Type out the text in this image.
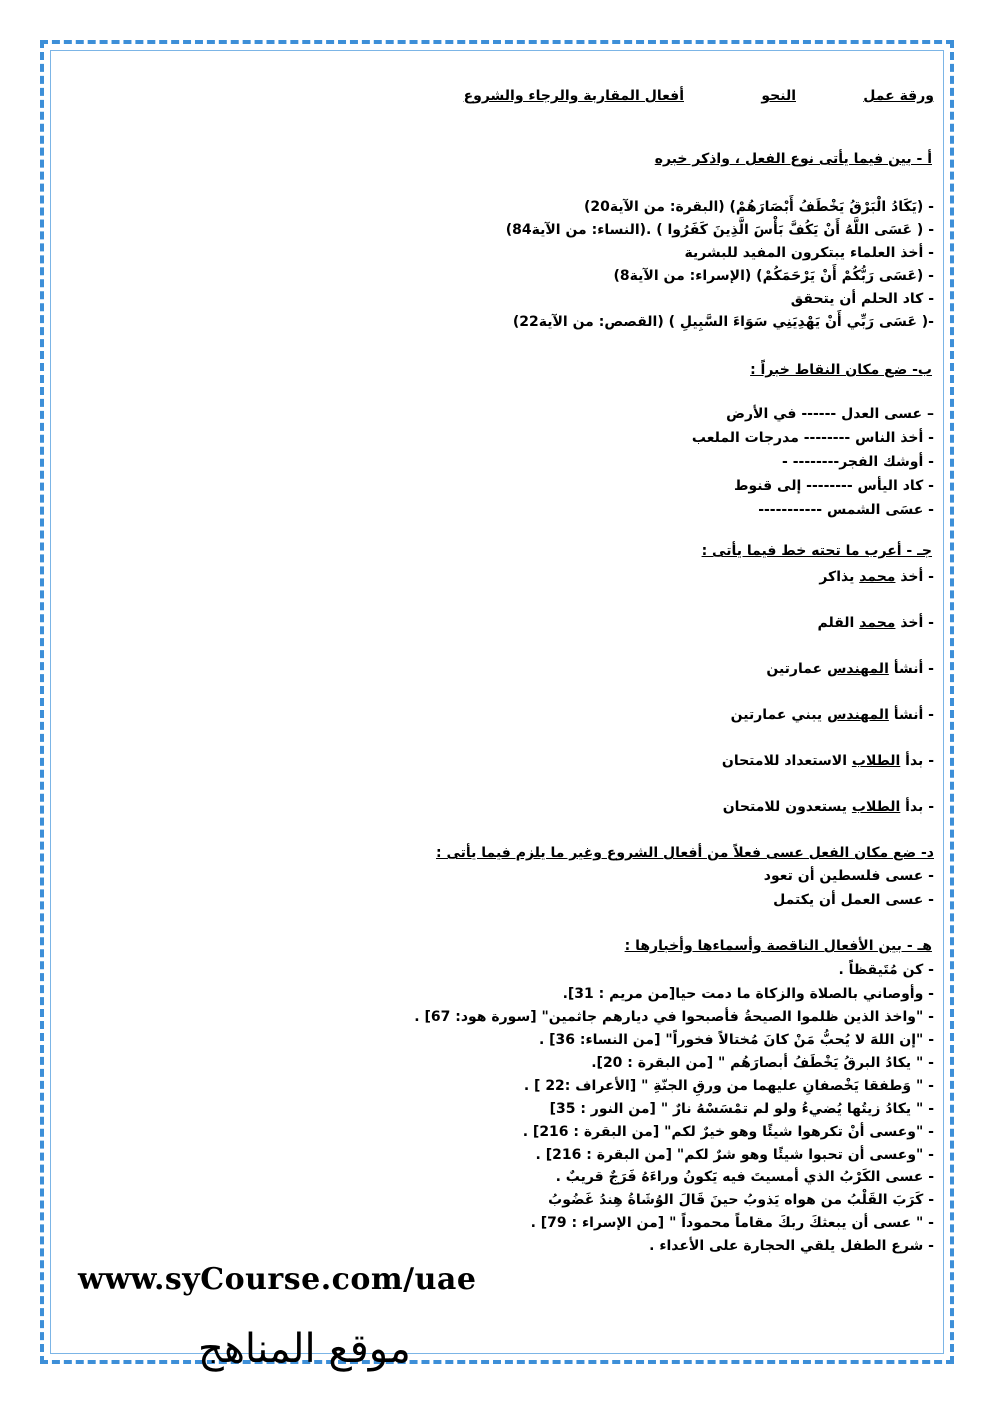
ورقة عمل
النحو
أفعال المقاربة والرجاء والشروع
أ - بين فيما يأتى نوع الفعل ، واذكر خبره
- (يَكَادُ الْبَرْقُ يَخْطَفُ أَبْصَارَهُمْ) (البقرة: من الآية20)
- ( عَسَى اللَّهُ أَنْ يَكُفَّ بَأْسَ الَّذِينَ كَفَرُوا ) .(النساء: من الآية84)
- أخذ العلماء يبتكرون المفيد للبشرية
- (عَسَى رَبُّكُمْ أَنْ يَرْحَمَكُمْ) (الإسراء: من الآية8)
- كاد الحلم أن يتحقق
-( عَسَى رَبِّي أَنْ يَهْدِيَنِي سَوَاءَ السَّبِيلِ ) (القصص: من الآية22)
ب- ضع مكان النقاط خبراً :
– عسى العدل ------ في الأرض
- أخذ الناس -------- مدرجات الملعب
- أوشك الفجر-------- -
- كاد اليأس -------- إلى قنوط
- عسَى الشمس -----------
جـ - أعرب ما تحته خط فيما يأتى :
- أخذ محمد يذاكر
- أخذ محمد القلم
- أنشأ المهندس عمارتين
- أنشأ المهندس يبني عمارتين
- بدأ الطلاب الاستعداد للامتحان
- بدأ الطلاب يستعدون للامتحان
د- ضع مكان الفعل عسى فعلاً من أفعال الشروع وغير ما يلزم فيما يأتى :
- عسى فلسطين أن تعود
- عسى العمل أن يكتمل
هـ - بين الأفعال الناقصة وأسماءها وأخبارها :
- كن مُتَيقظاً .
- وأوصاني بالصلاة والزكاة ما دمت حيا[من مريم : 31].
- "واخذ الذين ظلموا الصيحةُ فأصبحوا في ديارهم جاثمين" [سورة هود: 67] .
- "إن اللهَ لا يُحبُّ مَنْ كانَ مُختالاً فخوراً" [من النساء: 36] .
- " يكادُ البرقُ يَخْطَفُ أبصارَهُم " [من البقرة : 20].
- " وَطفقا يَخْصفانِ عليهما من ورقِ الجنّةِ " [الأعراف :22 ] .
- " يكادُ زيتُها يُضيءُ ولو لم تمْسَسْهُ نارٌ " [من النور : 35]
- "وعسى أنْ تكرهوا شيئًا وهو خيرٌ لكم" [من البقرة : 216] .
- "وعسى أن تحبوا شيئًا وهو شرٌ لكم" [من البقرة : 216] .
- عسى الكَرْبُ الذي أمسيتَ فيه يَكونُ وراءَهُ فَرَجٌ قريبٌ .
- كَرَبَ القَلْبُ من هواه يَذوبُ حينَ قَالَ الوُشَاةُ هِندُ غَضُوبُ
- " عسى أن يبعثكَ ربكَ مقاماً محموداً " [من الإسراء : 79] .
- شرع الطفل يلقي الحجارة على الأعداء .
www.syCourse.com/uae
موقع المناهج
